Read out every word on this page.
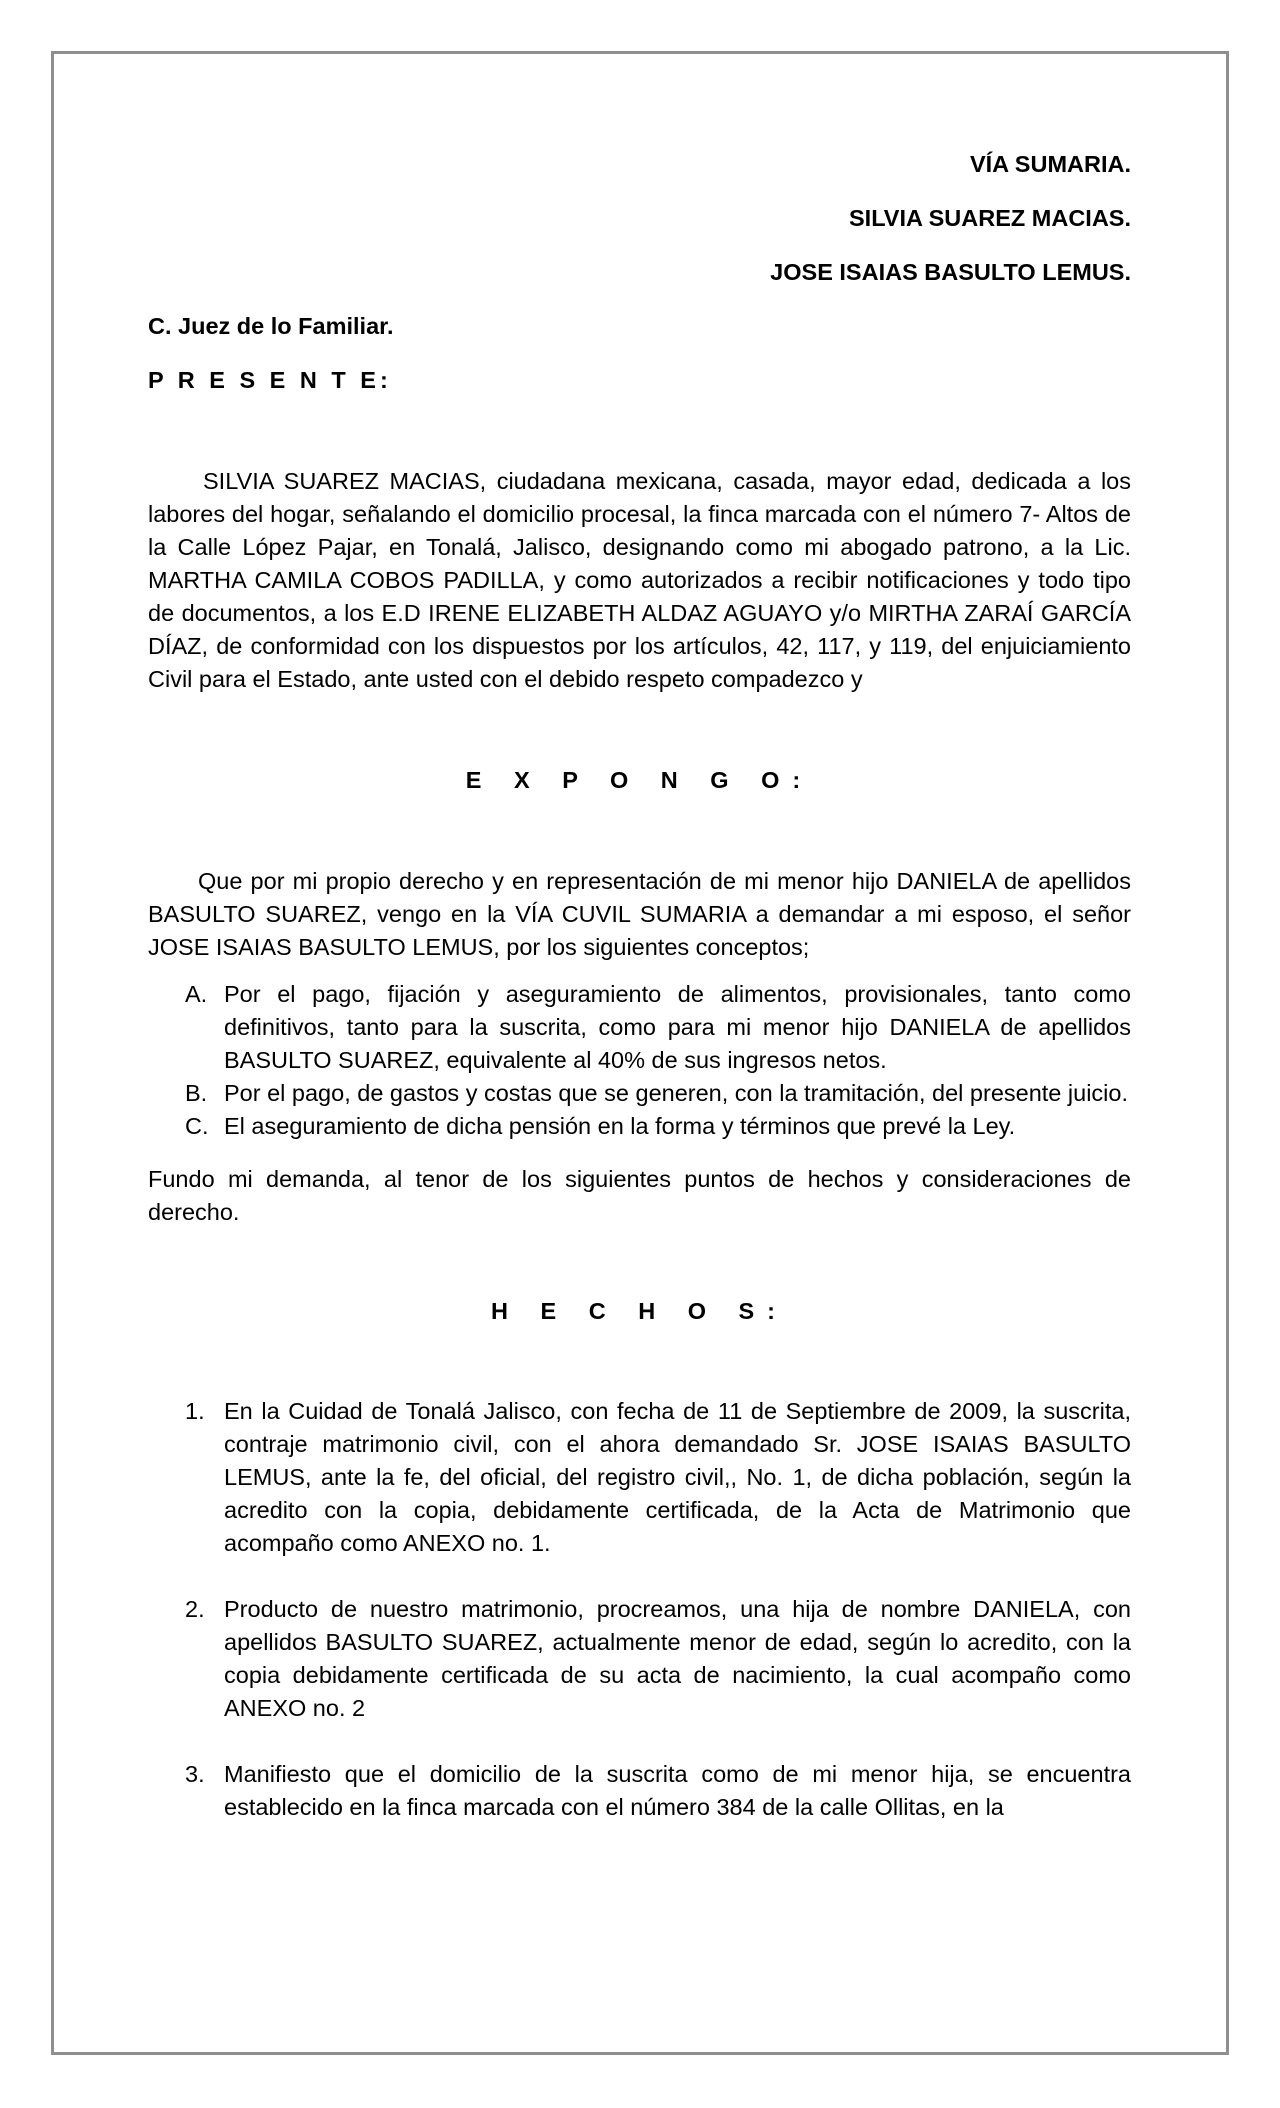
VÍA SUMARIA.

SILVIA SUAREZ MACIAS.

JOSE ISAIAS BASULTO LEMUS.

C. Juez de lo Familiar.

P R E S E N T E:

SILVIA SUAREZ MACIAS, ciudadana mexicana, casada, mayor edad, dedicada a los labores del hogar, señalando el domicilio procesal, la finca marcada con el número 7- Altos de la Calle López Pajar, en Tonalá, Jalisco, designando como mi abogado patrono, a la Lic. MARTHA CAMILA COBOS PADILLA, y como autorizados a recibir notificaciones y todo tipo de documentos, a los E.D IRENE ELIZABETH ALDAZ AGUAYO y/o MIRTHA ZARAÍ GARCÍA DÍAZ, de conformidad con los dispuestos por los artículos, 42, 117, y 119, del enjuiciamiento Civil para el Estado, ante usted con el debido respeto compadezco y

E X P O N G O:

Que por mi propio derecho y en representación de mi menor hijo DANIELA de apellidos BASULTO SUAREZ, vengo en la VÍA CUVIL SUMARIA a demandar a mi esposo, el señor JOSE ISAIAS BASULTO LEMUS, por los siguientes conceptos;

A. Por el pago, fijación y aseguramiento de alimentos, provisionales, tanto como definitivos, tanto para la suscrita, como para mi menor hijo DANIELA de apellidos BASULTO SUAREZ, equivalente al 40% de sus ingresos netos.
B. Por el pago, de gastos y costas que se generen, con la tramitación, del presente juicio.
C. El aseguramiento de dicha pensión en la forma y términos que prevé la Ley.

Fundo mi demanda, al tenor de los siguientes puntos de hechos y consideraciones de derecho.

H E C H O S:

1. En la Cuidad de Tonalá Jalisco, con fecha de 11 de Septiembre de 2009, la suscrita, contraje matrimonio civil, con el ahora demandado Sr. JOSE ISAIAS BASULTO LEMUS, ante la fe, del oficial, del registro civil,, No. 1, de dicha población, según la acredito con la copia, debidamente certificada, de la Acta de Matrimonio que acompaño como ANEXO no. 1.
2. Producto de nuestro matrimonio, procreamos, una hija de nombre DANIELA, con apellidos BASULTO SUAREZ, actualmente menor de edad, según lo acredito, con la copia debidamente certificada de su acta de nacimiento, la cual acompaño como ANEXO no. 2
3. Manifiesto que el domicilio de la suscrita como de mi menor hija, se encuentra establecido en la finca marcada con el número 384 de la calle Ollitas, en la
